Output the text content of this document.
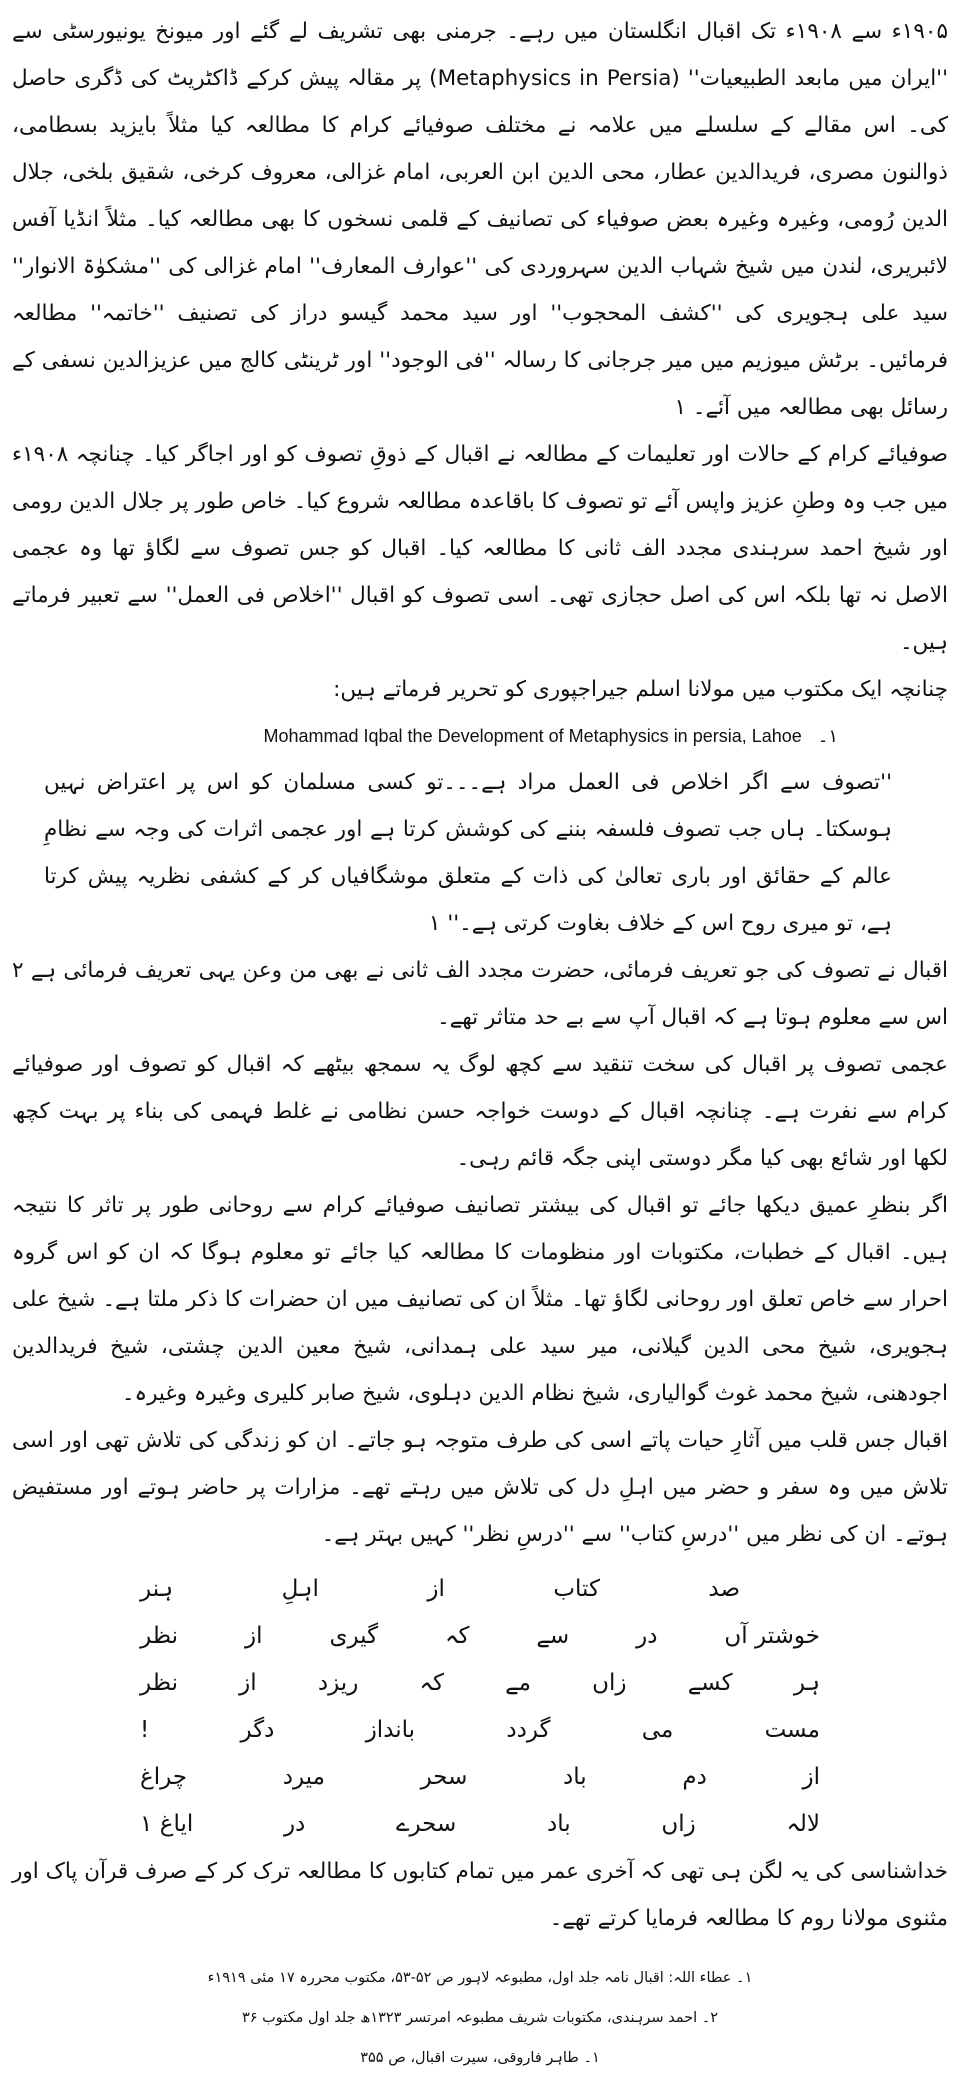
۱۹۰۵ء سے ۱۹۰۸ء تک اقبال انگلستان میں رہے۔ جرمنی بھی تشریف لے گئے اور میونخ یونیورسٹی سے ''ایران میں مابعد الطبیعیات'' (Metaphysics in Persia) پر مقالہ پیش کرکے ڈاکٹریٹ کی ڈگری حاصل کی۔ اس مقالے کے سلسلے میں علامہ نے مختلف صوفیائے کرام کا مطالعہ کیا مثلاً بایزید بسطامی، ذوالنون مصری، فریدالدین عطار، محی الدین ابن العربی، امام غزالی، معروف کرخی، شقیق بلخی، جلال الدین رُومی، وغیرہ وغیرہ بعض صوفیاء کی تصانیف کے قلمی نسخوں کا بھی مطالعہ کیا۔ مثلاً انڈیا آفس لائبریری، لندن میں شیخ شہاب الدین سہروردی کی ''عوارف المعارف'' امام غزالی کی ''مشکوٰۃ الانوار'' سید علی ہجویری کی ''کشف المحجوب'' اور سید محمد گیسو دراز کی تصنیف ''خاتمہ'' مطالعہ فرمائیں۔ برٹش میوزیم میں میر جرجانی کا رسالہ ''فی الوجود'' اور ٹرینٹی کالج میں عزیزالدین نسفی کے رسائل بھی مطالعہ میں آئے۔ ۱

صوفیائے کرام کے حالات اور تعلیمات کے مطالعہ نے اقبال کے ذوقِ تصوف کو اور اجاگر کیا۔ چنانچہ ۱۹۰۸ء میں جب وہ وطنِ عزیز واپس آئے تو تصوف کا باقاعدہ مطالعہ شروع کیا۔ خاص طور پر جلال الدین رومی اور شیخ احمد سرہندی مجدد الف ثانی کا مطالعہ کیا۔ اقبال کو جس تصوف سے لگاؤ تھا وہ عجمی الاصل نہ تھا بلکہ اس کی اصل حجازی تھی۔ اسی تصوف کو اقبال ''اخلاص فی العمل'' سے تعبیر فرماتے ہیں۔

چنانچہ ایک مکتوب میں مولانا اسلم جیراجپوری کو تحریر فرماتے ہیں:

۱۔Mohammad Iqbal the Development of Metaphysics in persia, Lahoe

''تصوف سے اگر اخلاص فی العمل مراد ہے۔۔۔تو کسی مسلمان کو اس پر اعتراض نہیں ہوسکتا۔ ہاں جب تصوف فلسفہ بننے کی کوشش کرتا ہے اور عجمی اثرات کی وجہ سے نظامِ عالم کے حقائق اور باری تعالیٰ کی ذات کے متعلق موشگافیاں کر کے کشفی نظریہ پیش کرتا ہے، تو میری روح اس کے خلاف بغاوت کرتی ہے۔'' ۱

اقبال نے تصوف کی جو تعریف فرمائی، حضرت مجدد الف ثانی نے بھی من وعن یہی تعریف فرمائی ہے ۲ اس سے معلوم ہوتا ہے کہ اقبال آپ سے بے حد متاثر تھے۔

عجمی تصوف پر اقبال کی سخت تنقید سے کچھ لوگ یہ سمجھ بیٹھے کہ اقبال کو تصوف اور صوفیائے کرام سے نفرت ہے۔ چنانچہ اقبال کے دوست خواجہ حسن نظامی نے غلط فہمی کی بناء پر بہت کچھ لکھا اور شائع بھی کیا مگر دوستی اپنی جگہ قائم رہی۔

اگر بنظرِ عمیق دیکھا جائے تو اقبال کی بیشتر تصانیف صوفیائے کرام سے روحانی طور پر تاثر کا نتیجہ ہیں۔ اقبال کے خطبات، مکتوبات اور منظومات کا مطالعہ کیا جائے تو معلوم ہوگا کہ ان کو اس گروہ احرار سے خاص تعلق اور روحانی لگاؤ تھا۔ مثلاً ان کی تصانیف میں ان حضرات کا ذکر ملتا ہے۔ شیخ علی ہجویری، شیخ محی الدین گیلانی، میر سید علی ہمدانی، شیخ معین الدین چشتی، شیخ فریدالدین اجودھنی، شیخ محمد غوث گوالیاری، شیخ نظام الدین دہلوی، شیخ صابر کلیری وغیرہ وغیرہ۔

اقبال جس قلب میں آثارِ حیات پاتے اسی کی طرف متوجہ ہو جاتے۔ ان کو زندگی کی تلاش تھی اور اسی تلاش میں وہ سفر و حضر میں اہلِ دل کی تلاش میں رہتے تھے۔ مزارات پر حاضر ہوتے اور مستفیض ہوتے۔ ان کی نظر میں ''درسِ کتاب'' سے ''درسِ نظر'' کہیں بہتر ہے۔

صد
کتاب
از
اہلِ
ہنر
خوشتر آں
در
سے
کہ
گیری
از
نظر
ہر
کسے
زاں
مے
کہ
ریزد
از
نظر
مست
می
گردد
بانداز
دگر
!
از
دم
باد
سحر
میرد
چراغ
لالہ
زاں
باد
سحرے
در
ایاغ ۱

خداشناسی کی یہ لگن ہی تھی کہ آخری عمر میں تمام کتابوں کا مطالعہ ترک کر کے صرف قرآن پاک اور مثنوی مولانا روم کا مطالعہ فرمایا کرتے تھے۔

۱۔ عطاء اللہ: اقبال نامہ جلد اول، مطبوعہ لاہور ص ۵۲-۵۳، مکتوب محررہ ۱۷ مئی ۱۹۱۹ء
۲۔ احمد سرہندی، مکتوبات شریف مطبوعہ امرتسر ۱۳۲۳ھ جلد اول مکتوب ۳۶
۱۔ طاہر فاروقی، سیرت اقبال، ص ۳۵۵
